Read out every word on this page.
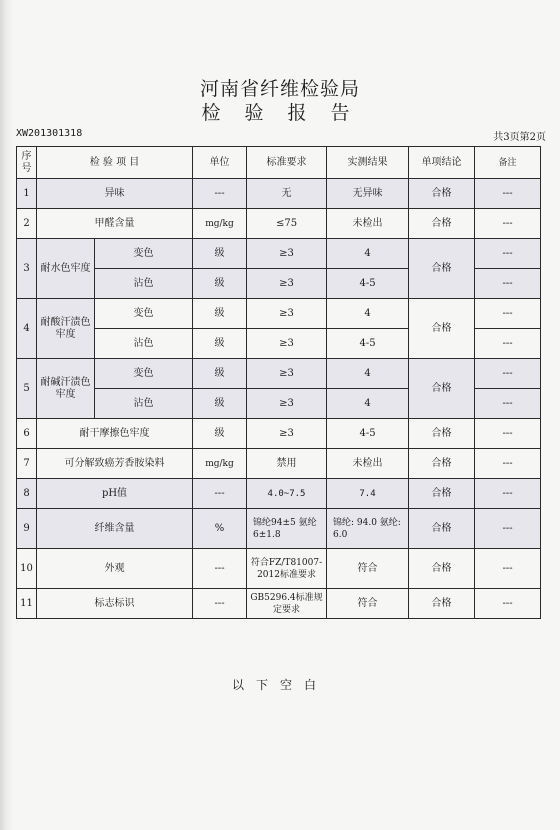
河南省纤维检验局
检 验 报 告
XW201301318	共3页第2页
序号	检 验 项 目		单位	标准要求	实测结果	单项结论	备注
1	异味		---	无	无异味	合格	---
2	甲醛含量		mg/kg	≤75	未检出	合格	---
3	耐水色牢度	变色	级	≥3	4	合格	---
		沾色	级	≥3	4-5		---
4	耐酸汗渍色牢度	变色	级	≥3	4	合格	---
		沾色	级	≥3	4-5		---
5	耐碱汗渍色牢度	变色	级	≥3	4	合格	---
		沾色	级	≥3	4		---
6	耐干摩擦色牢度		级	≥3	4-5	合格	---
7	可分解致癌芳香胺染料		mg/kg	禁用	未检出	合格	---
8	pH值		---	4.0~7.5	7.4	合格	---
9	纤维含量		%	锦纶94±5 氨纶6±1.8	锦纶: 94.0 氨纶: 6.0	合格	---
10	外观		---	符合FZ/T81007-2012标准要求	符合	合格	---
11	标志标识		---	GB5296.4标准规定要求	符合	合格	---
以下空白
